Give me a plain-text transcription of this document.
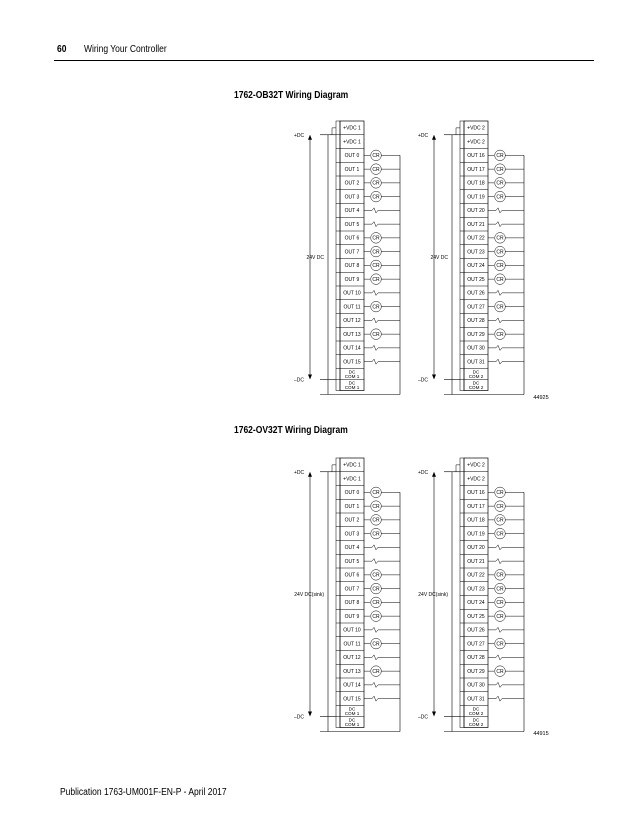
60 Wiring Your Controller
1762-OB32T Wiring Diagram
+VDC 1
+VDC 1
OUT 0	CR
OUT 1	CR
OUT 2	CR
OUT 3	CR
OUT 4
OUT 5
OUT 6	CR
OUT 7	CR
OUT 8	CR
OUT 9	CR
OUT 10
OUT 11 CR
OUT 12
OUT 13 CR
OUT 14
OUT 15
DC
COM 1
DC
COM 1
+DC
–DC
24V DC
+VDC 2
+VDC 2
OUT 16 CR
OUT 17 CR
OUT 18 CR
OUT 19 CR
OUT 20
OUT 21
OUT 22 CR
OUT 23 CR
OUT 24 CR
OUT 25 CR
OUT 26
OUT 27 CR
OUT 28
OUT 29 CR
OUT 30
OUT 31
DC
COM 2
DC
COM 2
+DC
–DC
24V DC
44925
+VDC 1
+VDC 1
OUT 0	CR
OUT 1	CR
OUT 2	CR
OUT 3	CR
OUT 4
OUT 5
OUT 6	CR
OUT 7	CR
OUT 8	CR
OUT 9	CR
OUT 10
OUT 11 CR
OUT 12
OUT 13 CR
OUT 14
OUT 15
DC
COM 1
DC
COM 1
+DC
–DC
24V DC(sink)
+VDC 2
+VDC 2
OUT 16 CR
OUT 17 CR
OUT 18 CR
OUT 19 CR
OUT 20
OUT 21
OUT 22 CR
OUT 23 CR
OUT 24 CR
OUT 25 CR
OUT 26
OUT 27 CR
OUT 28
OUT 29 CR
OUT 30
OUT 31
DC
COM 2
DC
COM 2
+DC
–DC
24V DC(sink)
44915
1762-OV32T Wiring Diagram
Publication 1763-UM001F-EN-P - April 2017
